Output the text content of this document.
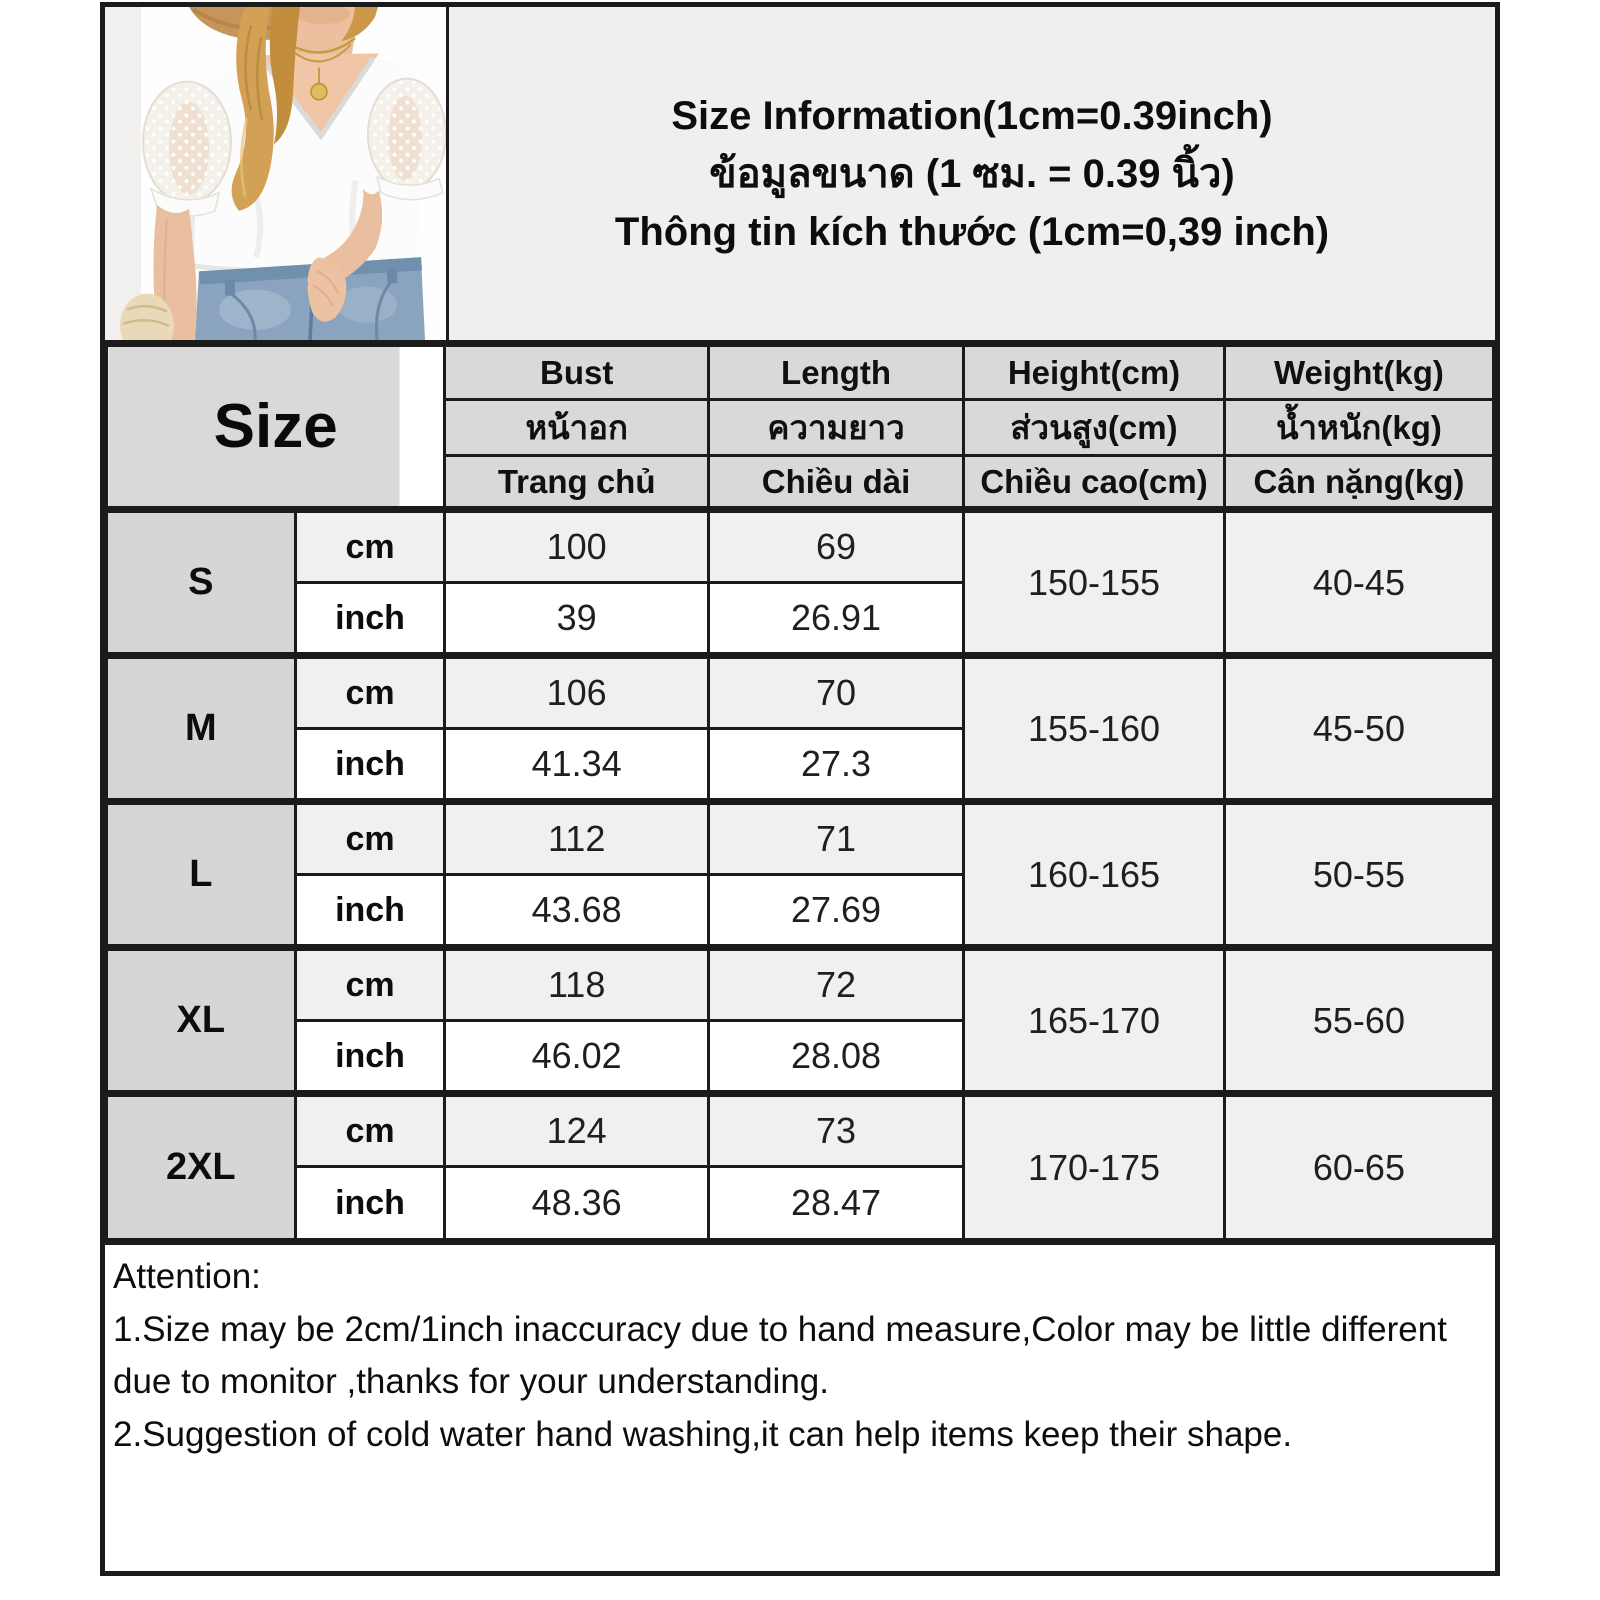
Size Information(1cm=0.39inch)
ข้อมูลขนาด (1 ซม. = 0.39 นิ้ว)
Thông tin kích thước (1cm=0,39 inch)
Size		Bust	Length	Height(cm)	Weight(kg)
		หน้าอก	ความยาว	ส่วนสูง(cm)	น้ำหนัก(kg)
		Trang chủ	Chiều dài	Chiều cao(cm)	Cân nặng(kg)
S	cm	100	69	150-155	40-45
	inch	39	26.91		
M	cm	106	70	155-160	45-50
	inch	41.34	27.3		
L	cm	112	71	160-165	50-55
	inch	43.68	27.69		
XL	cm	118	72	165-170	55-60
	inch	46.02	28.08		
2XL	cm	124	73	170-175	60-65
	inch	48.36	28.47		
Attention:
1.Size may be 2cm/1inch inaccuracy due to hand measure,Color may be little different due to monitor ,thanks for your understanding.
2.Suggestion of cold water hand washing,it can help items keep their shape.
